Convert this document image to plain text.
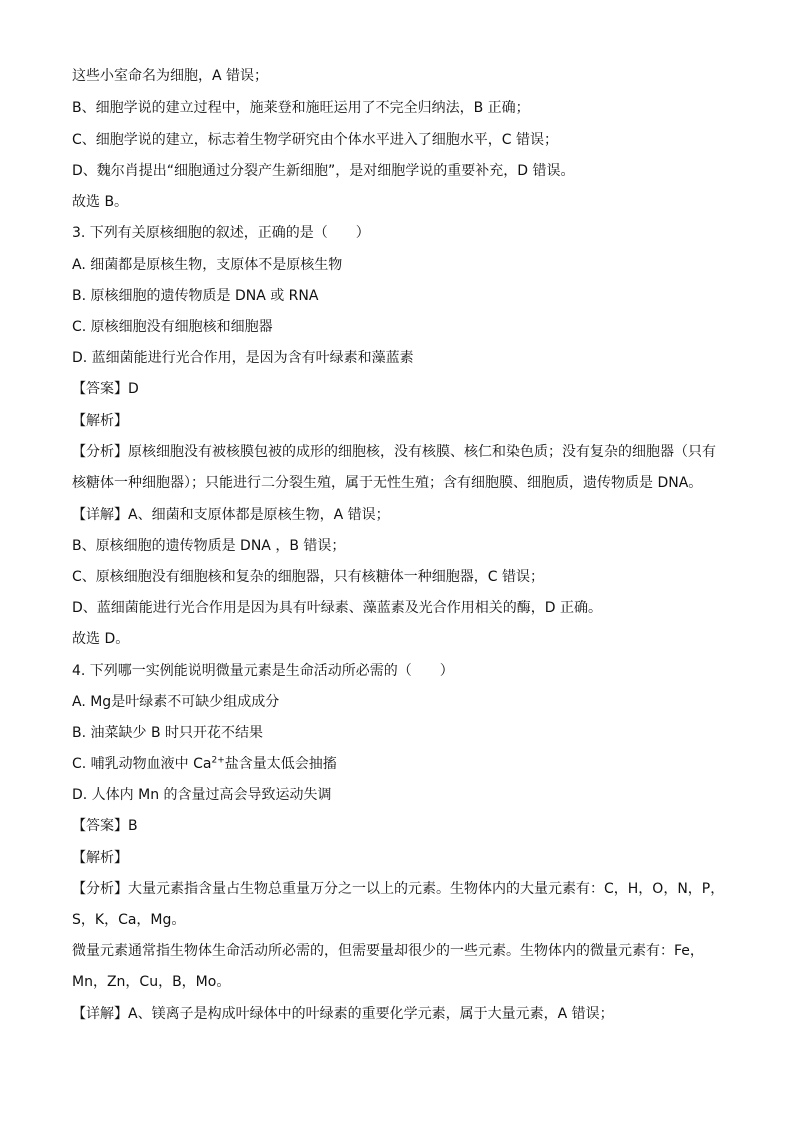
这些小室命名为细胞，A 错误；
B、细胞学说的建立过程中，施莱登和施旺运用了不完全归纳法，B 正确；
C、细胞学说的建立，标志着生物学研究由个体水平进入了细胞水平，C 错误；
D、魏尔肖提出“细胞通过分裂产生新细胞”，是对细胞学说的重要补充，D 错误。
故选 B。
3. 下列有关原核细胞的叙述，正确的是（　　）
A. 细菌都是原核生物，支原体不是原核生物
B. 原核细胞的遗传物质是 DNA 或 RNA
C. 原核细胞没有细胞核和细胞器
D. 蓝细菌能进行光合作用，是因为含有叶绿素和藻蓝素
【答案】D
【解析】
【分析】原核细胞没有被核膜包被的成形的细胞核，没有核膜、核仁和染色质；没有复杂的细胞器（只有
核糖体一种细胞器）；只能进行二分裂生殖，属于无性生殖；含有细胞膜、细胞质，遗传物质是 DNA。
【详解】A、细菌和支原体都是原核生物，A 错误；
B、原核细胞的遗传物质是 DNA ，B 错误；
C、原核细胞没有细胞核和复杂的细胞器，只有核糖体一种细胞器，C 错误；
D、蓝细菌能进行光合作用是因为具有叶绿素、藻蓝素及光合作用相关的酶，D 正确。
故选 D。
4. 下列哪一实例能说明微量元素是生命活动所必需的（　　）
A. Mg是叶绿素不可缺少组成成分
B. 油菜缺少 B 时只开花不结果
C. 哺乳动物血液中 $Ca^{2+}$盐含量太低会抽搐
D. 人体内 Mn 的含量过高会导致运动失调
【答案】B
【解析】
【分析】大量元素指含量占生物总重量万分之一以上的元素。生物体内的大量元素有：C，H，O，N，P，
S，K，Ca，Mg。
微量元素通常指生物体生命活动所必需的，但需要量却很少的一些元素。生物体内的微量元素有：Fe，
Mn，Zn，Cu，B，Mo。
【详解】A、镁离子是构成叶绿体中的叶绿素的重要化学元素，属于大量元素，A 错误；
